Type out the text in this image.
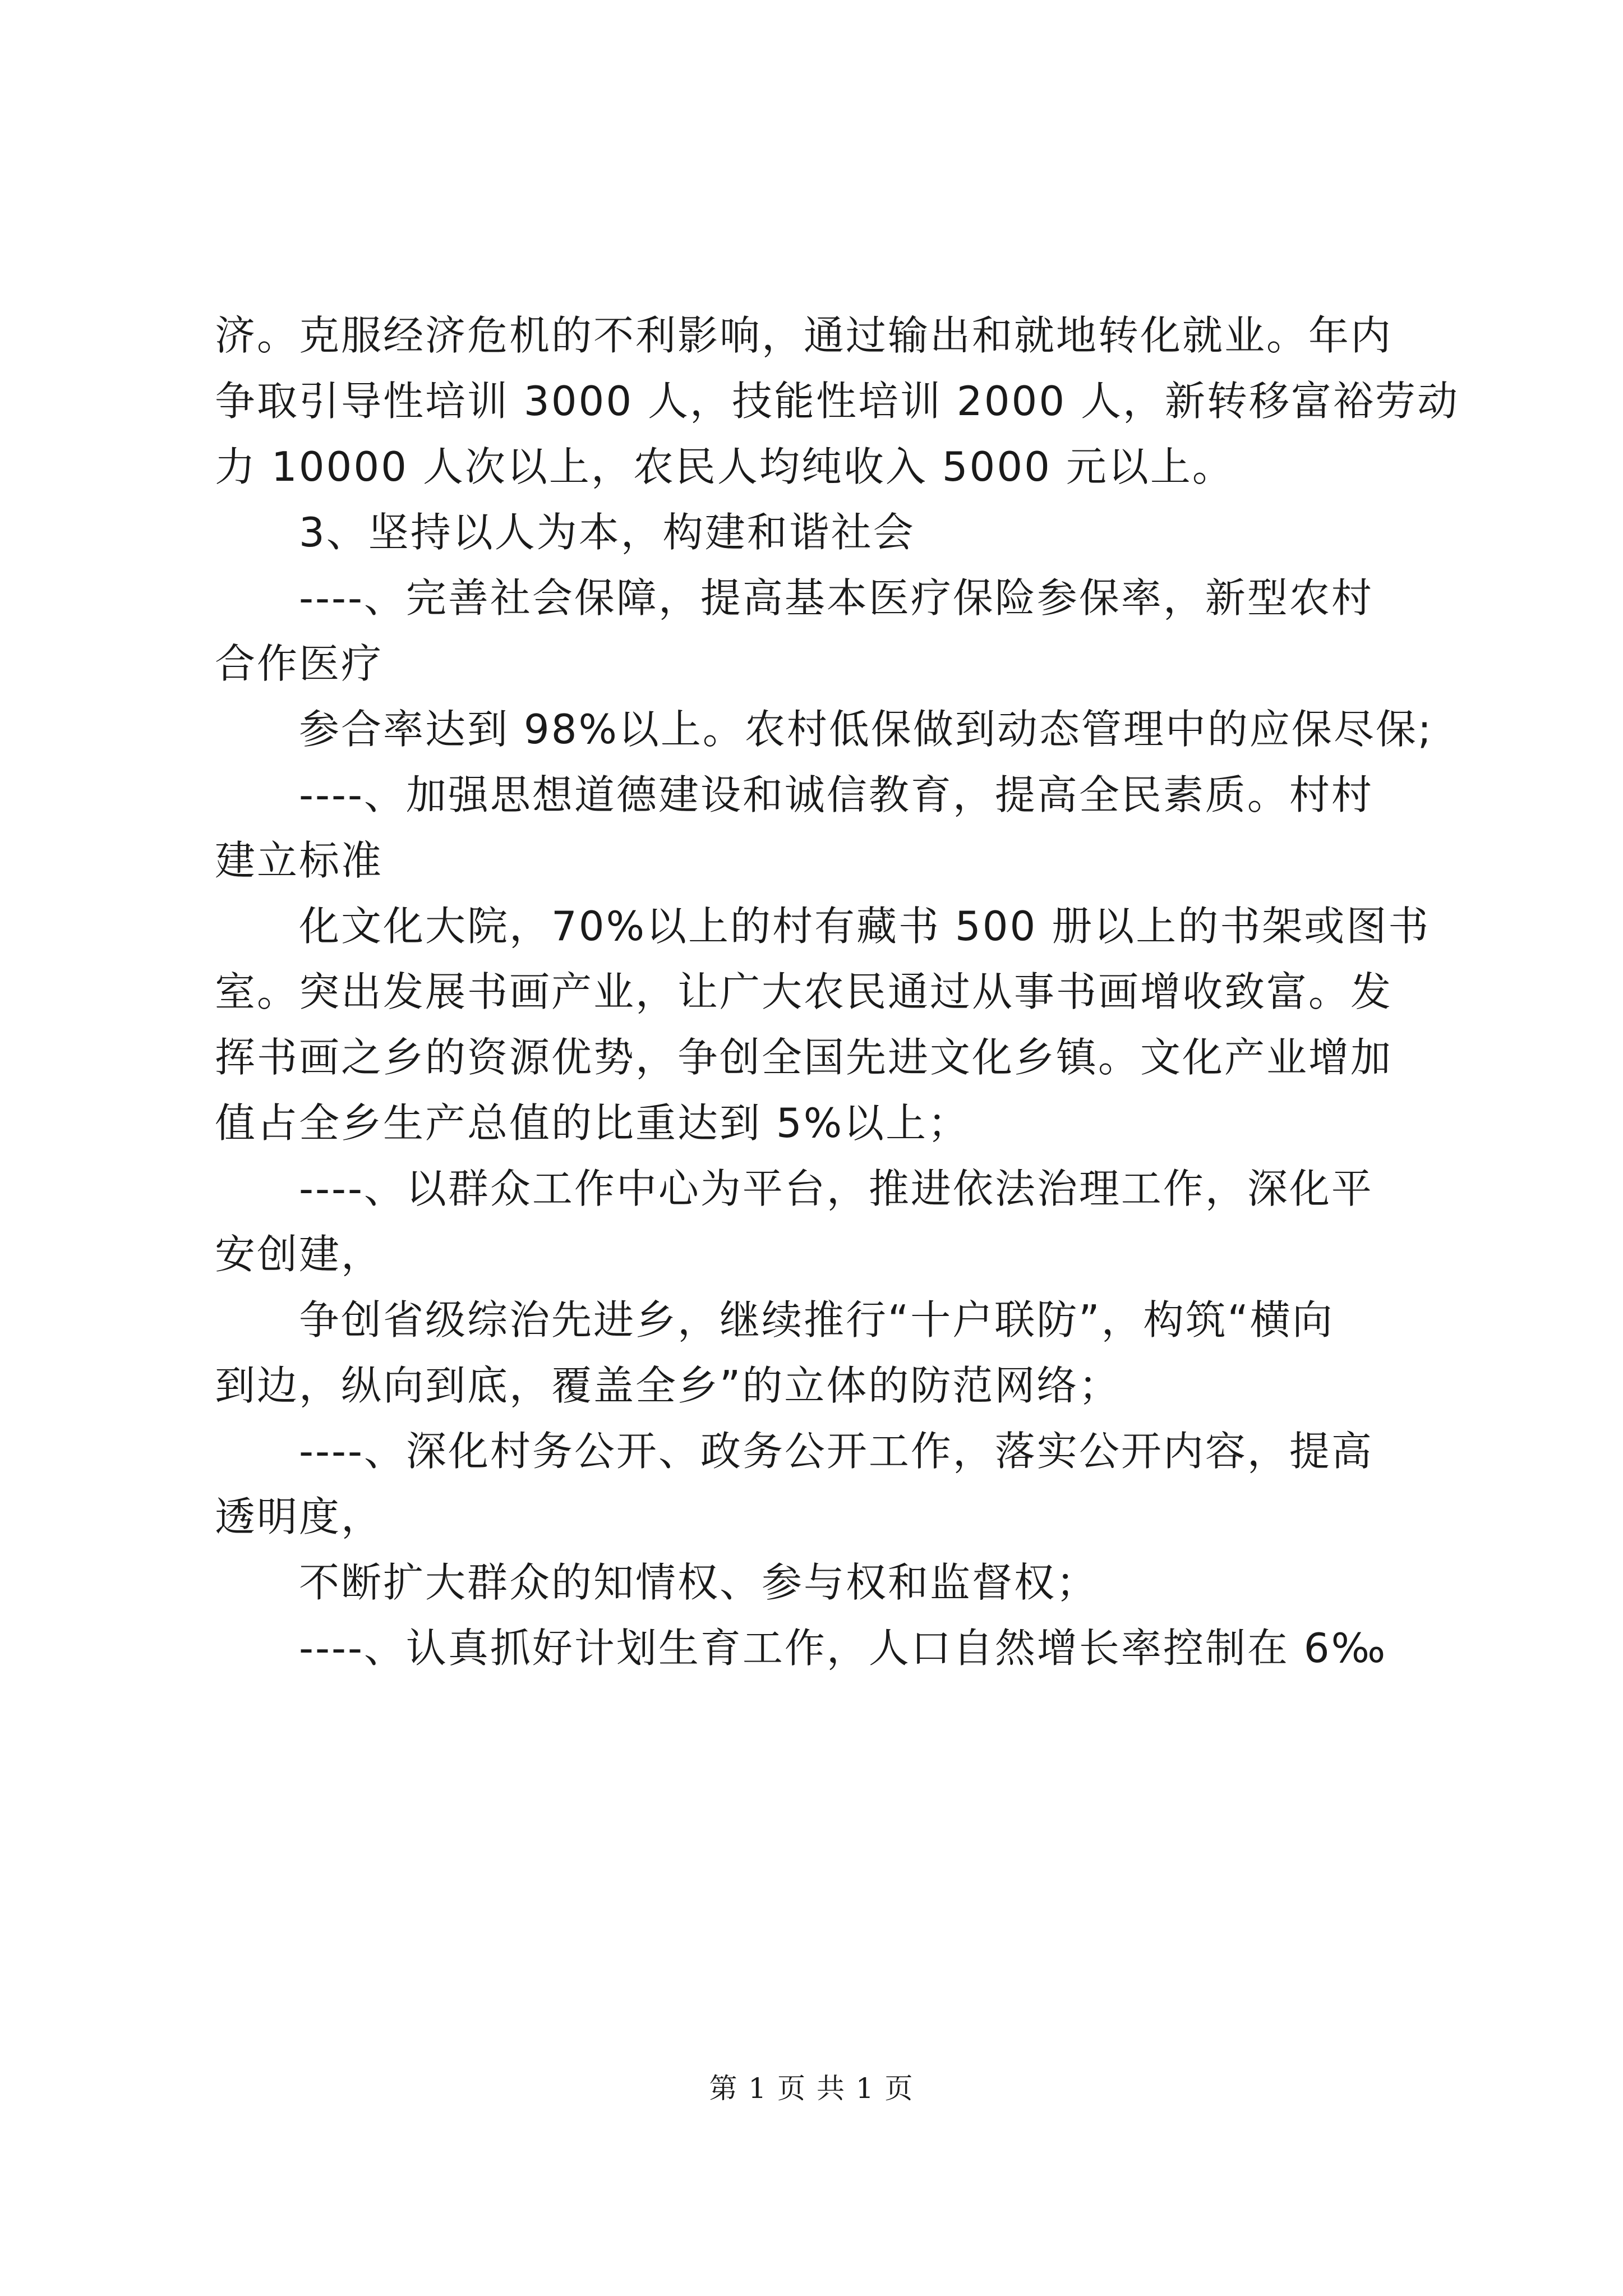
济。克服经济危机的不利影响，通过输出和就地转化就业。年内

争取引导性培训 3000 人，技能性培训 2000 人，新转移富裕劳动

力 10000 人次以上，农民人均纯收入 5000 元以上。

3、坚持以人为本，构建和谐社会

----、完善社会保障，提高基本医疗保险参保率，新型农村

合作医疗

参合率达到 98%以上。农村低保做到动态管理中的应保尽保;

----、加强思想道德建设和诚信教育，提高全民素质。村村

建立标准

化文化大院，70%以上的村有藏书 500 册以上的书架或图书

室。突出发展书画产业，让广大农民通过从事书画增收致富。发

挥书画之乡的资源优势，争创全国先进文化乡镇。文化产业增加

值占全乡生产总值的比重达到 5%以上；

----、以群众工作中心为平台，推进依法治理工作，深化平

安创建，

争创省级综治先进乡，继续推行“十户联防”，构筑“横向

到边，纵向到底，覆盖全乡”的立体的防范网络；

----、深化村务公开、政务公开工作，落实公开内容，提高

透明度，

不断扩大群众的知情权、参与权和监督权；

----、认真抓好计划生育工作，人口自然增长率控制在 6‰

第 1 页 共 1 页
